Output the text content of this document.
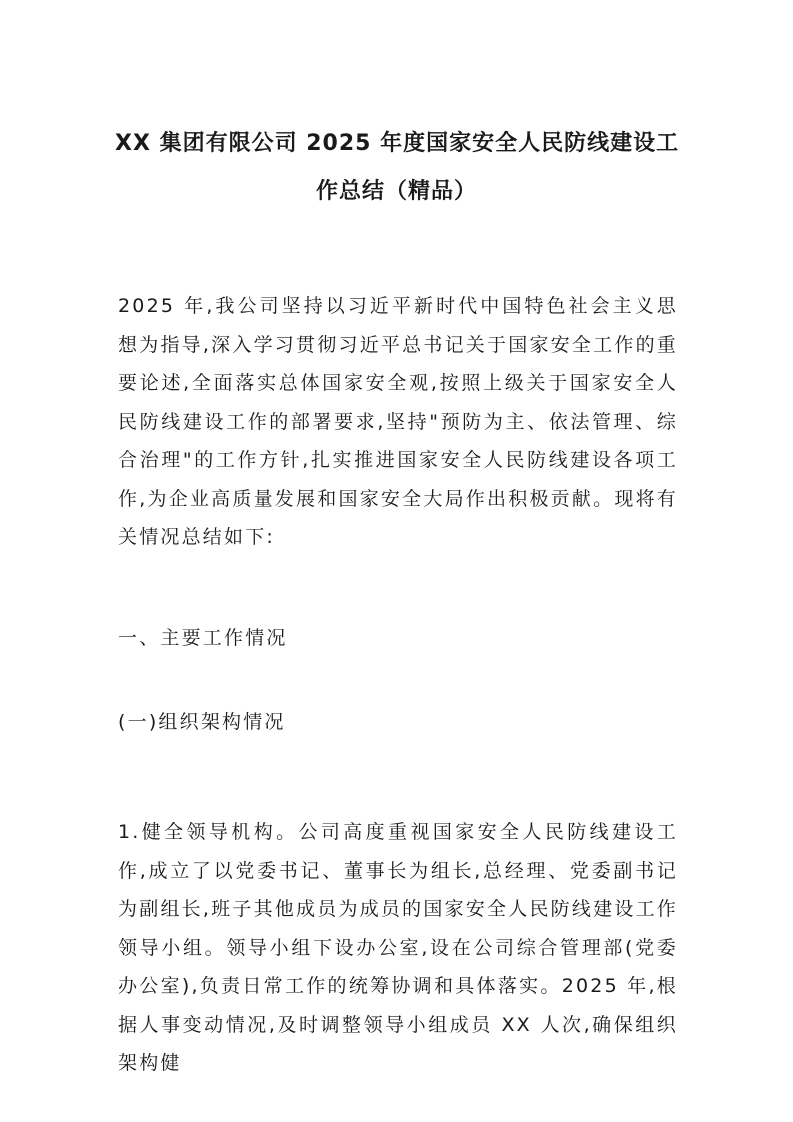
XX 集团有限公司 2025 年度国家安全人民防线建设工
作总结（精品）

2025 年,我公司坚持以习近平新时代中国特色社会主义思想为指导,深入学习贯彻习近平总书记关于国家安全工作的重要论述,全面落实总体国家安全观,按照上级关于国家安全人民防线建设工作的部署要求,坚持"预防为主、依法管理、综合治理"的工作方针,扎实推进国家安全人民防线建设各项工作,为企业高质量发展和国家安全大局作出积极贡献。现将有关情况总结如下:

一、主要工作情况

(一)组织架构情况

1.健全领导机构。公司高度重视国家安全人民防线建设工作,成立了以党委书记、董事长为组长,总经理、党委副书记为副组长,班子其他成员为成员的国家安全人民防线建设工作领导小组。领导小组下设办公室,设在公司综合管理部(党委办公室),负责日常工作的统筹协调和具体落实。2025 年,根据人事变动情况,及时调整领导小组成员 XX 人次,确保组织架构健
